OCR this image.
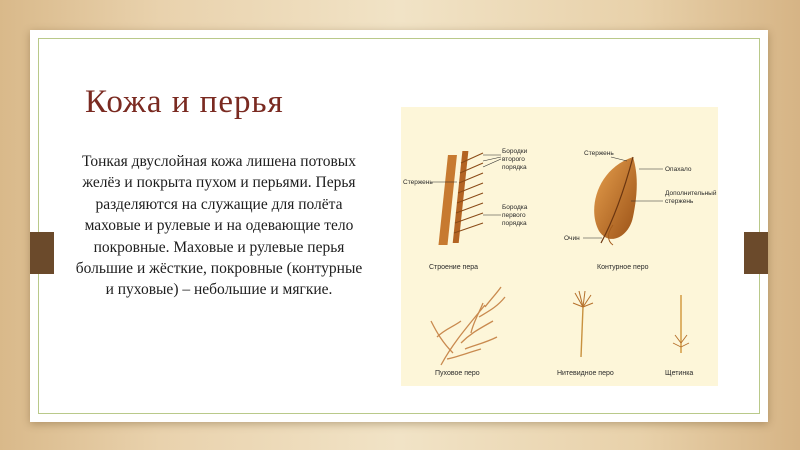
Кожа и перья
Тонкая двуслойная кожа лишена потовых желёз и покрыта пухом и перьями. Перья разделяются на служащие для полёта маховые и рулевые и на одевающие тело покровные. Маховые и рулевые перья большие и жёсткие, покровные (контурные и пуховые) – небольшие и мягкие.
Стержень
Бородки
второго
порядка
Бородка
первого
порядка
Строение пера
Стержень
Опахало
Дополнительный
стержень
Очин
Контурное перо
Пуховое перо	Нитевидное перо	Щетинка
